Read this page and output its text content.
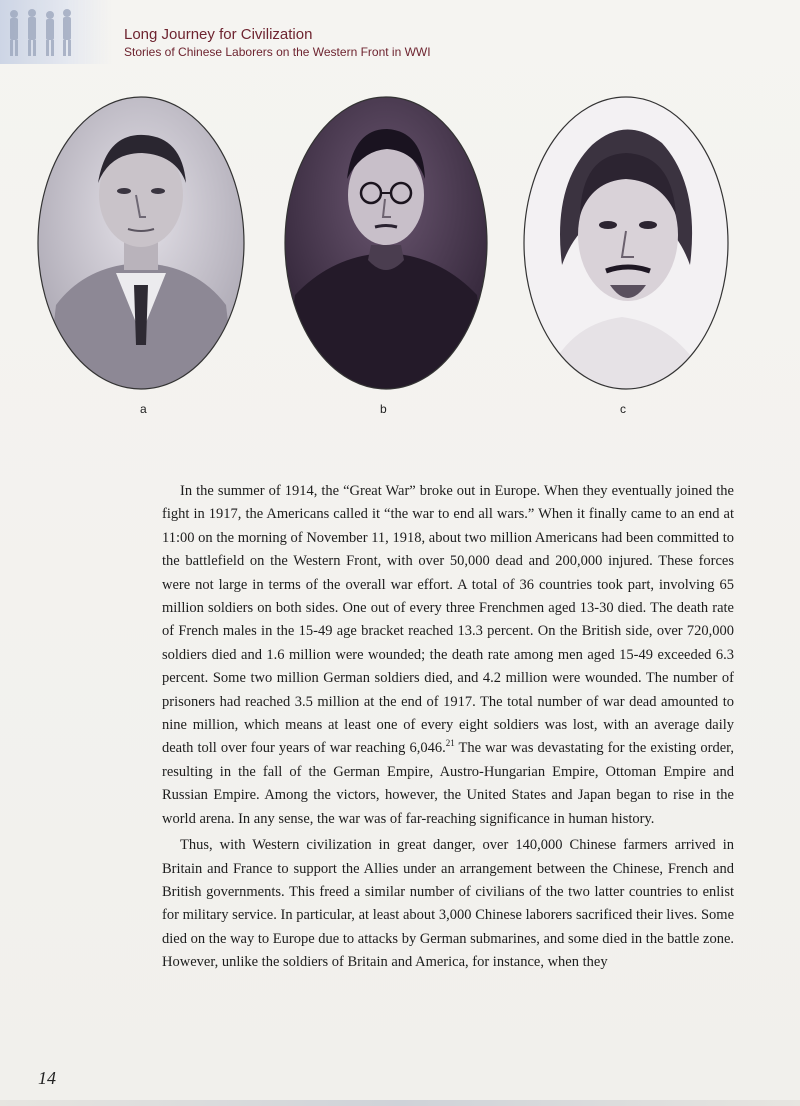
Long Journey for Civilization
Stories of Chinese Laborers on the Western Front in WWI
a	b	c

In the summer of 1914, the “Great War” broke out in Europe. When they eventually joined the fight in 1917, the Americans called it “the war to end all wars.” When it finally came to an end at 11:00 on the morning of November 11, 1918, about two million Americans had been committed to the battlefield on the Western Front, with over 50,000 dead and 200,000 injured. These forces were not large in terms of the overall war effort. A total of 36 countries took part, involving 65 million soldiers on both sides. One out of every three Frenchmen aged 13-30 died. The death rate of French males in the 15-49 age bracket reached 13.3 percent. On the British side, over 720,000 soldiers died and 1.6 million were wounded; the death rate among men aged 15-49 exceeded 6.3 percent. Some two million German soldiers died, and 4.2 million were wounded. The number of prisoners had reached 3.5 million at the end of 1917. The total number of war dead amounted to nine million, which means at least one of every eight soldiers was lost, with an average daily death toll over four years of war reaching 6,046.21 The war was devastating for the existing order, resulting in the fall of the German Empire, Austro-Hungarian Empire, Ottoman Empire and Russian Empire. Among the victors, however, the United States and Japan began to rise in the world arena. In any sense, the war was of far-reaching significance in human history.

Thus, with Western civilization in great danger, over 140,000 Chinese farmers arrived in Britain and France to support the Allies under an arrangement between the Chinese, French and British governments. This freed a similar number of civilians of the two latter countries to enlist for military service. In particular, at least about 3,000 Chinese laborers sacrificed their lives. Some died on the way to Europe due to attacks by German submarines, and some died in the battle zone. However, unlike the soldiers of Britain and America, for instance, when they

14
